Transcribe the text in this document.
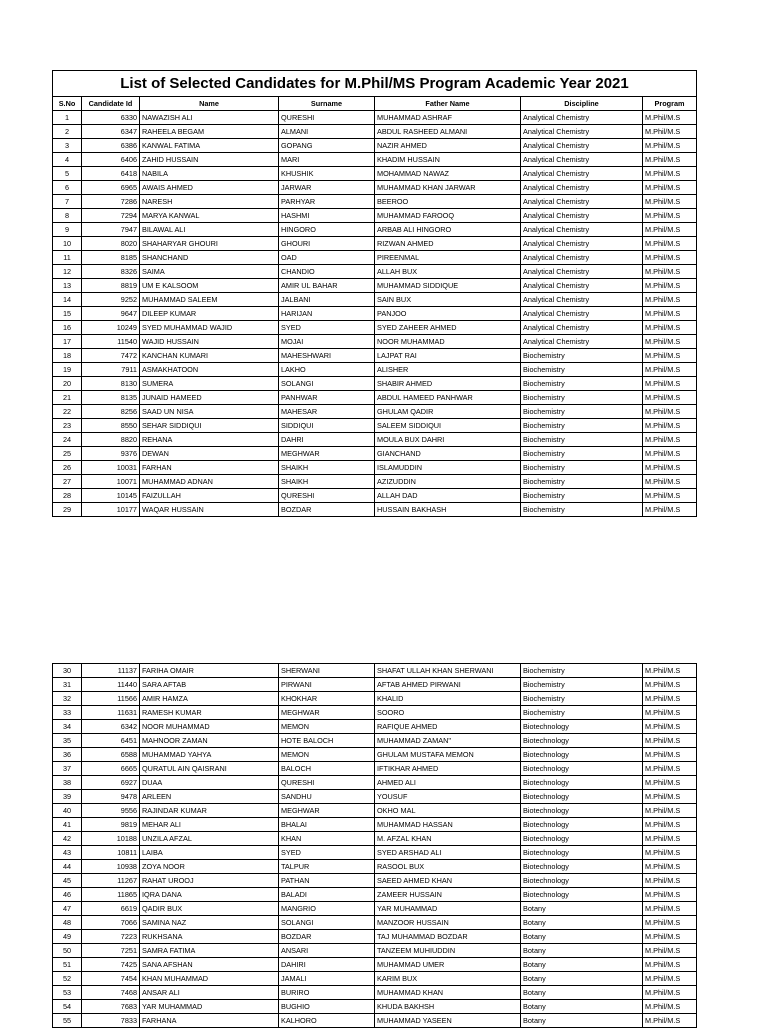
List of Selected Candidates for M.Phil/MS Program Academic Year 2021						
S.No	Candidate Id	Name	Surname	Father Name	Discipline	Program
1	6330	NAWAZISH ALI	QURESHI	MUHAMMAD ASHRAF	Analytical Chemistry	M.Phil/M.S
2	6347	RAHEELA BEGAM	ALMANI	ABDUL RASHEED ALMANI	Analytical Chemistry	M.Phil/M.S
3	6386	KANWAL FATIMA	GOPANG	NAZIR AHMED	Analytical Chemistry	M.Phil/M.S
4	6406	ZAHID HUSSAIN	MARI	KHADIM HUSSAIN	Analytical Chemistry	M.Phil/M.S
5	6418	NABILA	KHUSHIK	MOHAMMAD NAWAZ	Analytical Chemistry	M.Phil/M.S
6	6965	AWAIS AHMED	JARWAR	MUHAMMAD KHAN JARWAR	Analytical Chemistry	M.Phil/M.S
7	7286	NARESH	PARHYAR	BEEROO	Analytical Chemistry	M.Phil/M.S
8	7294	MARYA KANWAL	HASHMI	MUHAMMAD FAROOQ	Analytical Chemistry	M.Phil/M.S
9	7947	BILAWAL ALI	HINGORO	ARBAB ALI HINGORO	Analytical Chemistry	M.Phil/M.S
10	8020	SHAHARYAR GHOURI	GHOURI	RIZWAN AHMED	Analytical Chemistry	M.Phil/M.S
11	8185	SHANCHAND	OAD	PIREENMAL	Analytical Chemistry	M.Phil/M.S
12	8326	SAIMA	CHANDIO	ALLAH BUX	Analytical Chemistry	M.Phil/M.S
13	8819	UM E KALSOOM	AMIR UL BAHAR	MUHAMMAD SIDDIQUE	Analytical Chemistry	M.Phil/M.S
14	9252	MUHAMMAD SALEEM	JALBANI	SAIN BUX	Analytical Chemistry	M.Phil/M.S
15	9647	DILEEP KUMAR	HARIJAN	PANJOO	Analytical Chemistry	M.Phil/M.S
16	10249	SYED MUHAMMAD WAJID	SYED	SYED ZAHEER AHMED	Analytical Chemistry	M.Phil/M.S
17	11540	WAJID HUSSAIN	MOJAI	NOOR MUHAMMAD	Analytical Chemistry	M.Phil/M.S
18	7472	KANCHAN KUMARI	MAHESHWARI	LAJPAT RAI	Biochemistry	M.Phil/M.S
19	7911	ASMAKHATOON	LAKHO	ALISHER	Biochemistry	M.Phil/M.S
20	8130	SUMERA	SOLANGI	SHABIR AHMED	Biochemistry	M.Phil/M.S
21	8135	JUNAID HAMEED	PANHWAR	ABDUL HAMEED PANHWAR	Biochemistry	M.Phil/M.S
22	8256	SAAD UN NISA	MAHESAR	GHULAM QADIR	Biochemistry	M.Phil/M.S
23	8550	SEHAR SIDDIQUI	SIDDIQUI	SALEEM SIDDIQUI	Biochemistry	M.Phil/M.S
24	8820	REHANA	DAHRI	MOULA BUX DAHRI	Biochemistry	M.Phil/M.S
25	9376	DEWAN	MEGHWAR	GIANCHAND	Biochemistry	M.Phil/M.S
26	10031	FARHAN	SHAIKH	ISLAMUDDIN	Biochemistry	M.Phil/M.S
27	10071	MUHAMMAD ADNAN	SHAIKH	AZIZUDDIN	Biochemistry	M.Phil/M.S
28	10145	FAIZULLAH	QURESHI	ALLAH DAD	Biochemistry	M.Phil/M.S
29	10177	WAQAR HUSSAIN	BOZDAR	HUSSAIN BAKHASH	Biochemistry	M.Phil/M.S
30	11137	FARIHA OMAIR	SHERWANI	SHAFAT ULLAH KHAN SHERWANI	Biochemistry	M.Phil/M.S
31	11440	SARA AFTAB	PIRWANI	AFTAB AHMED PIRWANI	Biochemistry	M.Phil/M.S
32	11566	AMIR HAMZA	KHOKHAR	KHALID	Biochemistry	M.Phil/M.S
33	11631	RAMESH KUMAR	MEGHWAR	SOORO	Biochemistry	M.Phil/M.S
34	6342	NOOR MUHAMMAD	MEMON	RAFIQUE AHMED	Biotechnology	M.Phil/M.S
35	6451	MAHNOOR ZAMAN	HOTE BALOCH	MUHAMMAD ZAMAN"	Biotechnology	M.Phil/M.S
36	6588	MUHAMMAD YAHYA	MEMON	GHULAM MUSTAFA MEMON	Biotechnology	M.Phil/M.S
37	6665	QURATUL AIN QAISRANI	BALOCH	IFTIKHAR AHMED	Biotechnology	M.Phil/M.S
38	6927	DUAA	QURESHI	AHMED ALI	Biotechnology	M.Phil/M.S
39	9478	ARLEEN	SANDHU	YOUSUF	Biotechnology	M.Phil/M.S
40	9556	RAJINDAR KUMAR	MEGHWAR	OKHO MAL	Biotechnology	M.Phil/M.S
41	9819	MEHAR ALI	BHALAI	MUHAMMAD HASSAN	Biotechnology	M.Phil/M.S
42	10188	UNZILA AFZAL	KHAN	M. AFZAL KHAN	Biotechnology	M.Phil/M.S
43	10811	LAIBA	SYED	SYED ARSHAD ALI	Biotechnology	M.Phil/M.S
44	10938	ZOYA NOOR	TALPUR	RASOOL BUX	Biotechnology	M.Phil/M.S
45	11267	RAHAT UROOJ	PATHAN	SAEED AHMED KHAN	Biotechnology	M.Phil/M.S
46	11865	IQRA DANA	BALADI	ZAMEER HUSSAIN	Biotechnology	M.Phil/M.S
47	6619	QADIR BUX	MANGRIO	YAR MUHAMMAD	Botany	M.Phil/M.S
48	7066	SAMINA NAZ	SOLANGI	MANZOOR HUSSAIN	Botany	M.Phil/M.S
49	7223	RUKHSANA	BOZDAR	TAJ MUHAMMAD BOZDAR	Botany	M.Phil/M.S
50	7251	SAMRA FATIMA	ANSARI	TANZEEM MUHIUDDIN	Botany	M.Phil/M.S
51	7425	SANA AFSHAN	DAHIRI	MUHAMMAD UMER	Botany	M.Phil/M.S
52	7454	KHAN MUHAMMAD	JAMALI	KARIM BUX	Botany	M.Phil/M.S
53	7468	ANSAR ALI	BURIRO	MUHAMMAD KHAN	Botany	M.Phil/M.S
54	7683	YAR MUHAMMAD	BUGHIO	KHUDA BAKHSH	Botany	M.Phil/M.S
55	7833	FARHANA	KALHORO	MUHAMMAD YASEEN	Botany	M.Phil/M.S
